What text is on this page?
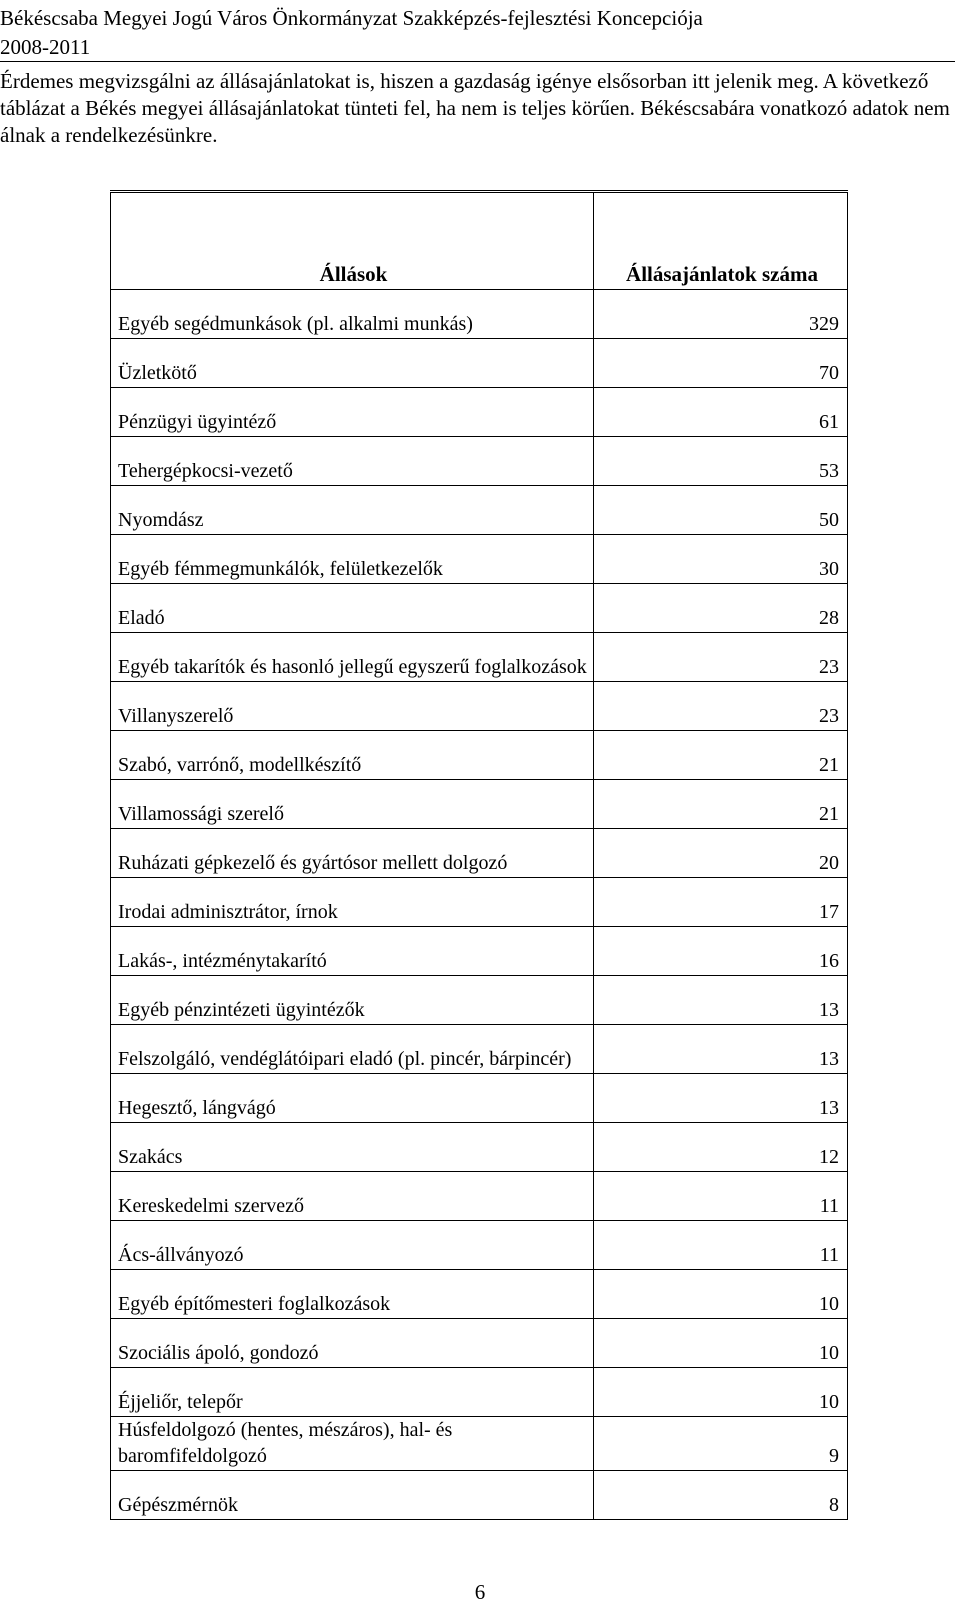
Békéscsaba Megyei Jogú Város Önkormányzat Szakképzés-fejlesztési Koncepciója
2008-2011
Érdemes megvizsgálni az állásajánlatokat is, hiszen a gazdaság igénye elsősorban itt jelenik meg. A következő táblázat a Békés megyei állásajánlatokat tünteti fel, ha nem is teljes körűen. Békéscsabára vonatkozó adatok nem álnak a rendelkezésünkre.
Állások	Állásajánlatok száma
Egyéb segédmunkások (pl. alkalmi munkás)	329
Üzletkötő	70
Pénzügyi ügyintéző	61
Tehergépkocsi-vezető	53
Nyomdász	50
Egyéb fémmegmunkálók, felületkezelők	30
Eladó	28
Egyéb takarítók és hasonló jellegű egyszerű foglalkozások	23
Villanyszerelő	23
Szabó, varrónő, modellkészítő	21
Villamossági szerelő	21
Ruházati gépkezelő és gyártósor mellett dolgozó	20
Irodai adminisztrátor, írnok	17
Lakás-, intézménytakarító	16
Egyéb pénzintézeti ügyintézők	13
Felszolgáló, vendéglátóipari eladó (pl. pincér, bárpincér)	13
Hegesztő, lángvágó	13
Szakács	12
Kereskedelmi szervező	11
Ács-állványozó	11
Egyéb építőmesteri foglalkozások	10
Szociális ápoló, gondozó	10
Éjjeliőr, telepőr	10
Húsfeldolgozó (hentes, mészáros), hal- és baromfifeldolgozó	9
Gépészmérnök	8
6
